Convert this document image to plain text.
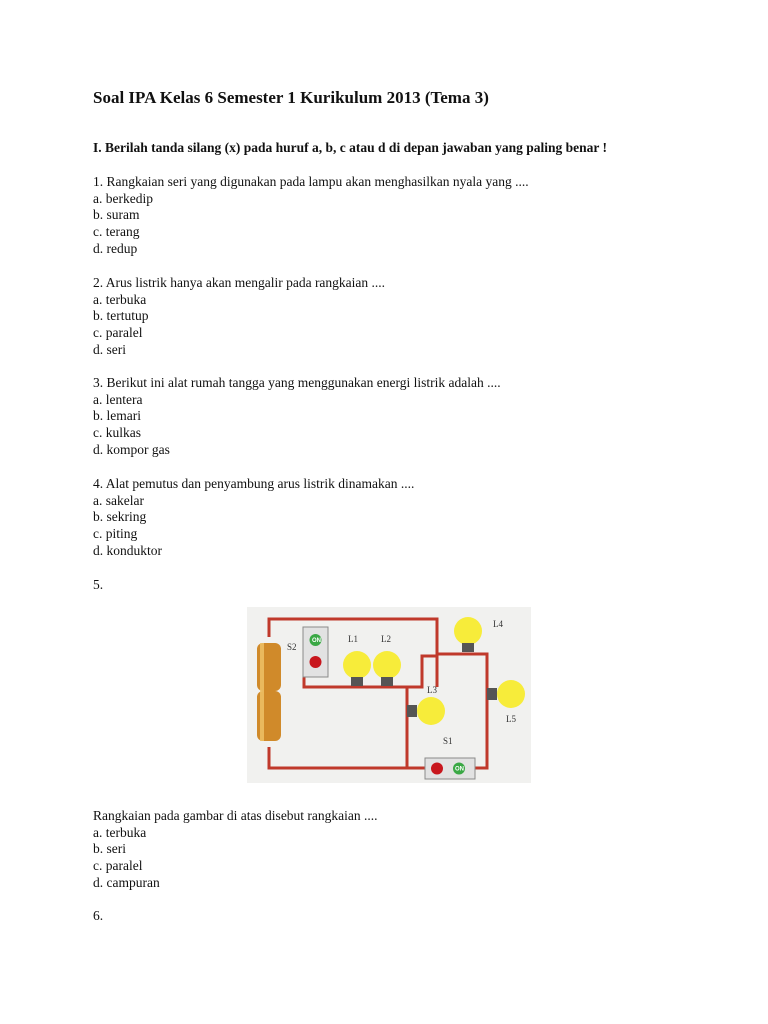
Soal IPA Kelas 6 Semester 1 Kurikulum 2013 (Tema 3)

I. Berilah tanda silang (x) pada huruf a, b, c atau d di depan jawaban yang paling benar !

1. Rangkaian seri yang digunakan pada lampu akan menghasilkan nyala yang ....

a. berkedip

b. suram

c. terang

d. redup

2. Arus listrik hanya akan mengalir pada rangkaian ....

a. terbuka

b. tertutup

c. paralel

d. seri

3. Berikut ini alat rumah tangga yang menggunakan energi listrik adalah ....

a. lentera

b. lemari

c. kulkas

d. kompor gas

4. Alat pemutus dan penyambung arus listrik dinamakan ....

a. sakelar

b. sekring

c. piting

d. konduktor

5.

ON
S2
L1	L2
L3
L4
L5
ON
S1

Rangkaian pada gambar di atas disebut rangkaian ....

a. terbuka

b. seri

c. paralel

d. campuran

6.
